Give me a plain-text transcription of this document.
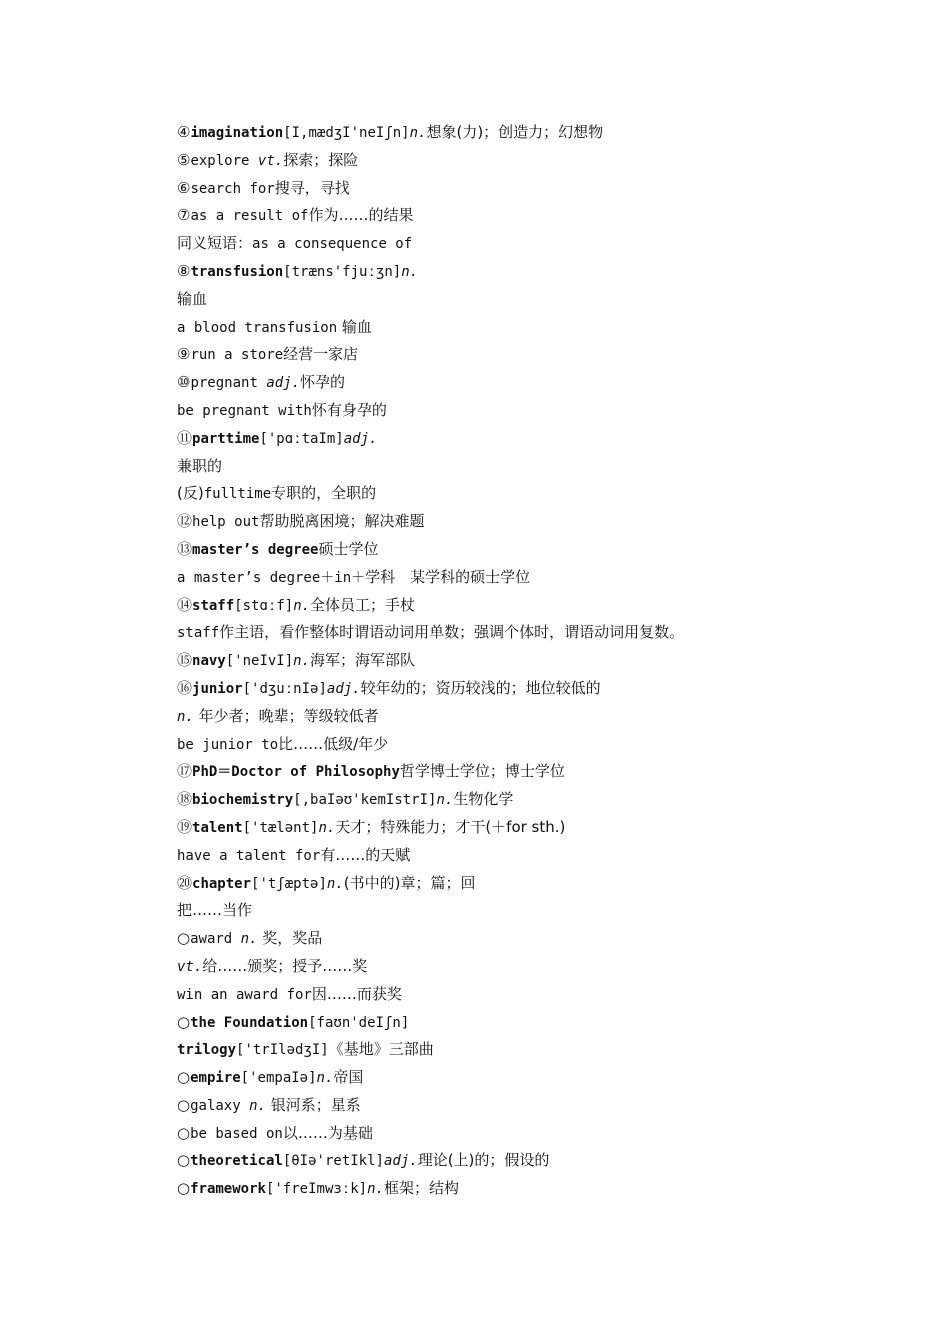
④imagination[I,mædʒI'neIʃn]n.想象(力)；创造力；幻想物
⑤explore vt.探索；探险
⑥search for搜寻，寻找
⑦as a result of作为……的结果
同义短语：as a consequence of
⑧transfusion[træns'fjuːʒn]n.
输血
a blood transfusion 输血
⑨run a store经营一家店
⑩pregnant adj.怀孕的
be pregnant with怀有身孕的
⑪parttime['pɑːtaIm]adj.
兼职的
(反)fulltime专职的，全职的
⑫help out帮助脱离困境；解决难题
⑬master’s degree硕士学位
a master’s degree＋in＋学科　某学科的硕士学位
⑭staff[stɑːf]n.全体员工；手杖
staff作主语，看作整体时谓语动词用单数；强调个体时，谓语动词用复数。
⑮navy['neIvI]n.海军；海军部队
⑯junior['dʒuːnIə]adj.较年幼的；资历较浅的；地位较低的
n. 年少者；晚辈；等级较低者
be junior to比……低级/年少
⑰PhD＝Doctor of Philosophy哲学博士学位；博士学位
⑱biochemistry[,baIəʊ'kemIstrI]n.生物化学
⑲talent['tælənt]n.天才；特殊能力；才干(＋for sth.)
have a talent for有……的天赋
⑳chapter['tʃæptə]n.(书中的)章；篇；回
把……当作
○award n. 奖，奖品
vt.给……颁奖；授予……奖
win an award for因……而获奖
○the Foundation[faʊn'deIʃn]
trilogy['trIlədʒI]《基地》三部曲
○empire['empaIə]n.帝国
○galaxy n. 银河系；星系
○be based on以……为基础
○theoretical[θIə'retIkl]adj.理论(上)的；假设的
○framework['freImwɜːk]n.框架；结构
